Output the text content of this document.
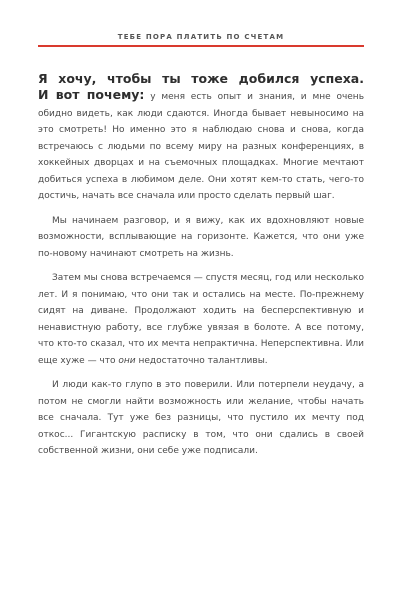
ТЕБЕ ПОРА ПЛАТИТЬ ПО СЧЕТАМ

Я хочу, чтобы ты тоже добился успеха.

И вот почему: у меня есть опыт и знания, и мне очень обидно видеть, как люди сдаются. Иногда бывает невыносимо на это смотреть! Но именно это я наблюдаю снова и снова, когда встречаюсь с людьми по всему миру на разных конференциях, в хоккейных дворцах и на съемочных площадках. Многие мечтают добиться успеха в любимом деле. Они хотят кем-то стать, чего-то достичь, начать все сначала или просто сделать первый шаг.

Мы начинаем разговор, и я вижу, как их вдохновляют новые возможности, всплывающие на горизонте. Кажется, что они уже по-новому начинают смотреть на жизнь.

Затем мы снова встречаемся — спустя месяц, год или несколько лет. И я понимаю, что они так и остались на месте. По-прежнему сидят на диване. Продолжают ходить на бесперспективную и ненавистную работу, все глубже увязая в болоте. А все потому, что кто-то сказал, что их мечта непрактична. Неперспективна. Или еще хуже — что они недостаточно талантливы.

И люди как-то глупо в это поверили. Или потерпели неудачу, а потом не смогли найти возможность или желание, чтобы начать все сначала. Тут уже без разницы, что пустило их мечту под откос... Гигантскую расписку в том, что они сдались в своей собственной жизни, они себе уже подписали.
